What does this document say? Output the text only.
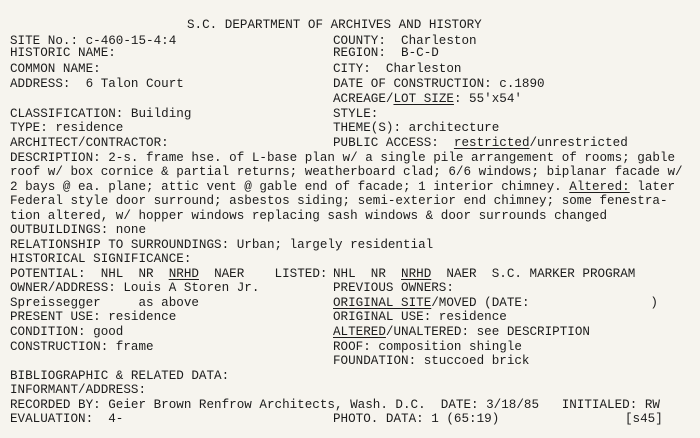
S.C. DEPARTMENT OF ARCHIVES AND HISTORY
SITE No.: c-460-15-4:4	COUNTY:  Charleston
HISTORIC NAME:	REGION:  B-C-D
COMMON NAME:	CITY:  Charleston
ADDRESS:  6 Talon Court	DATE OF CONSTRUCTION: c.1890
ACREAGE/LOT SIZE: 55'x54'
CLASSIFICATION: Building	STYLE:
TYPE: residence	THEME(S): architecture
ARCHITECT/CONTRACTOR:	PUBLIC ACCESS:  restricted/unrestricted
DESCRIPTION: 2-s. frame hse. of L-base plan w/ a single pile arrangement of rooms; gable
roof w/ box cornice & partial returns; weatherboard clad; 6/6 windows; biplanar facade w/
2 bays @ ea. plane; attic vent @ gable end of facade; 1 interior chimney. Altered: later
Federal style door surround; asbestos siding; semi-exterior end chimney; some fenestra-
tion altered, w/ hopper windows replacing sash windows & door surrounds changed
OUTBUILDINGS: none
RELATIONSHIP TO SURROUNDINGS: Urban; largely residential
HISTORICAL SIGNIFICANCE:
POTENTIAL:  NHL  NR  NRHD  NAER    LISTED: NHL  NR  NRHD  NAER  S.C. MARKER PROGRAM
OWNER/ADDRESS: Louis A Storen Jr.	PREVIOUS OWNERS:
Spreissegger     as above	ORIGINAL SITE/MOVED (DATE:                )
PRESENT USE: residence	ORIGINAL USE: residence
CONDITION: good	ALTERED/UNALTERED: see DESCRIPTION
CONSTRUCTION: frame	ROOF: composition shingle
FOUNDATION: stuccoed brick
BIBLIOGRAPHIC & RELATED DATA:
INFORMANT/ADDRESS:
RECORDED BY: Geier Brown Renfrow Architects, Wash. D.C.  DATE: 3/18/85   INITIALED: RW
EVALUATION:  4-	PHOTO. DATA: 1 (65:19)	[s45]
